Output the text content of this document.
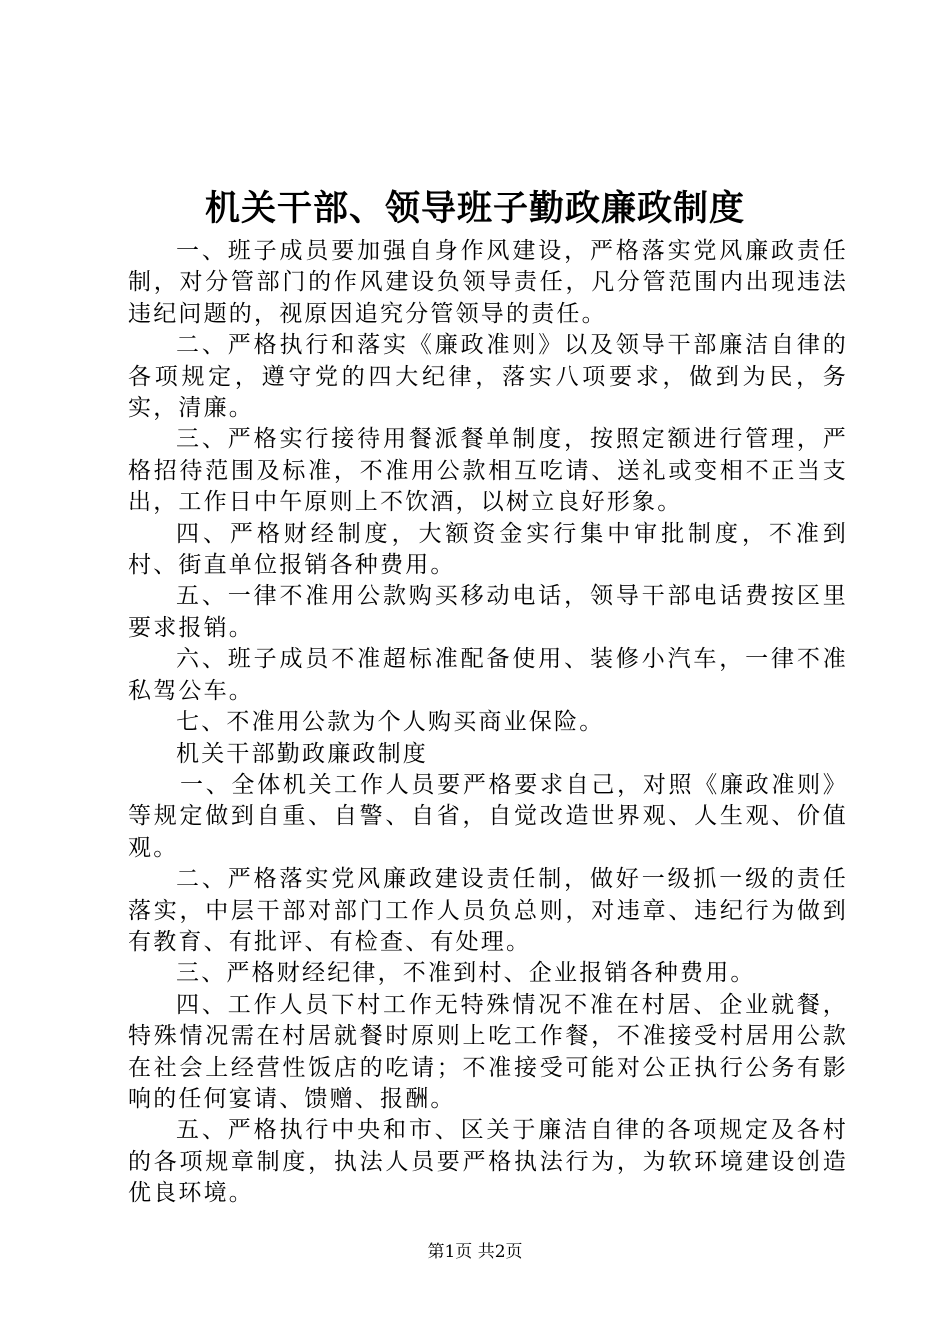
机关干部、领导班子勤政廉政制度

一、班子成员要加强自身作风建设，严格落实党风廉政责任制，对分管部门的作风建设负领导责任，凡分管范围内出现违法违纪问题的，视原因追究分管领导的责任。

二、严格执行和落实《廉政准则》以及领导干部廉洁自律的各项规定，遵守党的四大纪律，落实八项要求，做到为民，务实，清廉。

三、严格实行接待用餐派餐单制度，按照定额进行管理，严格招待范围及标准，不准用公款相互吃请、送礼或变相不正当支出，工作日中午原则上不饮酒，以树立良好形象。

四、严格财经制度，大额资金实行集中审批制度，不准到村、街直单位报销各种费用。

五、一律不准用公款购买移动电话，领导干部电话费按区里要求报销。

六、班子成员不准超标准配备使用、装修小汽车，一律不准私驾公车。

七、不准用公款为个人购买商业保险。

机关干部勤政廉政制度

一、全体机关工作人员要严格要求自己，对照《廉政准则》等规定做到自重、自警、自省，自觉改造世界观、人生观、价值观。

二、严格落实党风廉政建设责任制，做好一级抓一级的责任落实，中层干部对部门工作人员负总则，对违章、违纪行为做到有教育、有批评、有检查、有处理。

三、严格财经纪律，不准到村、企业报销各种费用。

四、工作人员下村工作无特殊情况不准在村居、企业就餐，特殊情况需在村居就餐时原则上吃工作餐，不准接受村居用公款在社会上经营性饭店的吃请；不准接受可能对公正执行公务有影响的任何宴请、馈赠、报酬。

五、严格执行中央和市、区关于廉洁自律的各项规定及各村的各项规章制度，执法人员要严格执法行为，为软环境建设创造优良环境。

第1页 共2页
